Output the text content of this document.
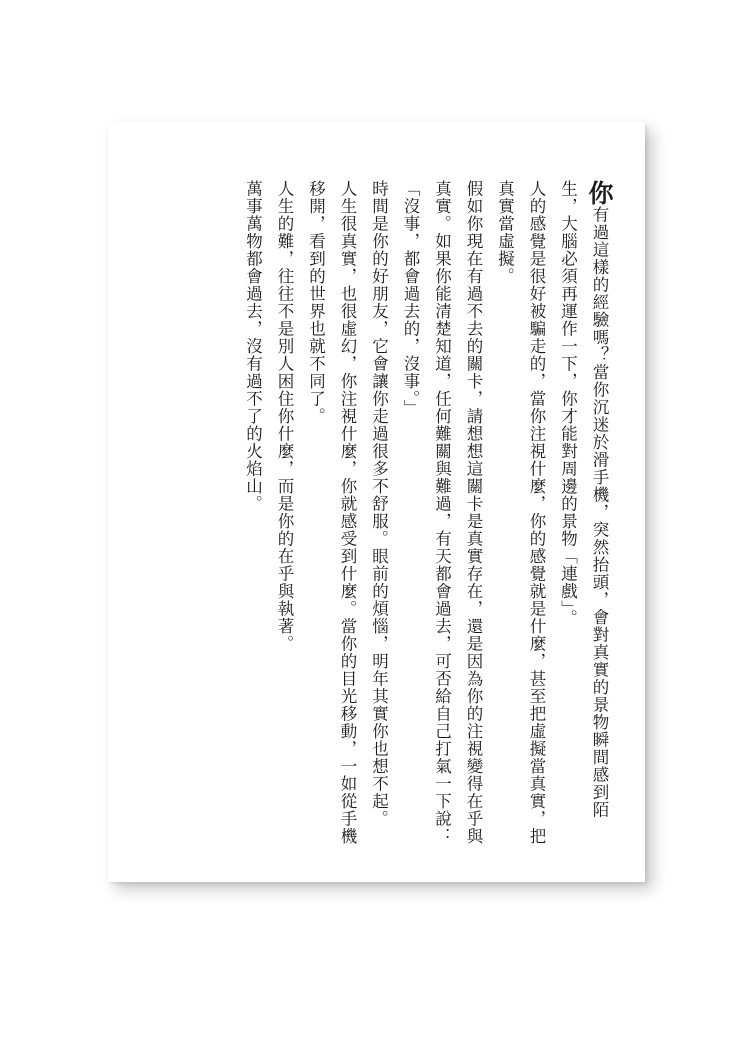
你有過這樣的經驗嗎？當你沉迷於滑手機，突然抬頭，會對真實的景物瞬間感到陌生，大腦必須再運作一下，你才能對周邊的景物「連戲」。

人的感覺是很好被騙走的，當你注視什麼，你的感覺就是什麼，甚至把虛擬當真實，把真實當虛擬。

假如你現在有過不去的關卡，請想想這關卡是真實存在，還是因為你的注視變得在乎與真實。如果你能清楚知道，任何難關與難過，有天都會過去，可否給自己打氣一下說：

「沒事，都會過去的，沒事。」

時間是你的好朋友，它會讓你走過很多不舒服。眼前的煩惱，明年其實你也想不起。

人生很真實，也很虛幻，你注視什麼，你就感受到什麼。當你的目光移動，一如從手機移開，看到的世界也就不同了。

人生的難，往往不是別人困住你什麼，而是你的在乎與執著。

萬事萬物都會過去，沒有過不了的火焰山。
